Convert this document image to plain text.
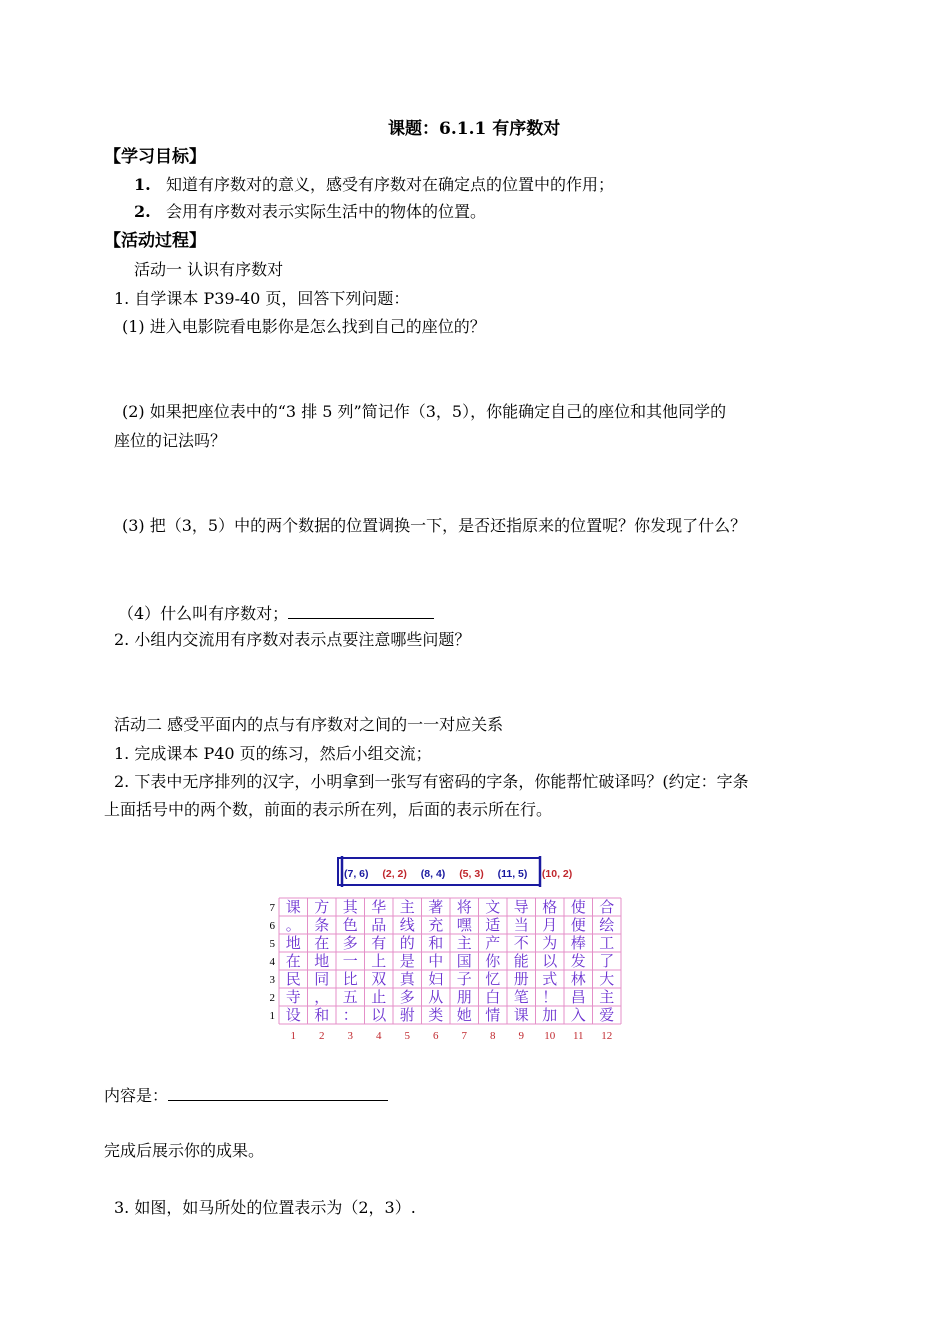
课题：6.1.1 有序数对
【学习目标】
1. 知道有序数对的意义，感受有序数对在确定点的位置中的作用；
2. 会用有序数对表示实际生活中的物体的位置。
【活动过程】
活动一 认识有序数对
1. 自学课本 P39-40 页，回答下列问题：
(1) 进入电影院看电影你是怎么找到自己的座位的？
(2) 如果把座位表中的“3 排 5 列”简记作（3，5），你能确定自己的座位和其他同学的
座位的记法吗？
(3) 把（3，5）中的两个数据的位置调换一下，是否还指原来的位置呢？你发现了什么？
（4）什么叫有序数对；
2. 小组内交流用有序数对表示点要注意哪些问题？
活动二 感受平面内的点与有序数对之间的一一对应关系
1. 完成课本 P40 页的练习，然后小组交流；
2. 下表中无序排列的汉字，小明拿到一张写有密码的字条，你能帮忙破译吗？(约定：字条
上面括号中的两个数，前面的表示所在列，后面的表示所在行。
(7, 6) (2, 2) (8, 4) (5, 3) (11, 5) (10, 2)
课 方 其 华 主 著 将 文 导 格 使 合
。 条 色 品 线 充 嘿 适 当 月 便 绘
地 在 多 有 的 和 主 产 不 为 棒 工
在 地 一 上 是 中 国 你 能 以 发 了
民 同 比 双 真 妇 子 忆 册 式 林 大
寺 ， 五 止 多 从 朋 白 笔 ！ 昌 主
设 和 ： 以 驸 类 她 情 课 加 入 爱
7
6
5
4
3
2
1
1 2 3 4 5 6 7 8 9 10 11 12
内容是：
完成后展示你的成果。
3. 如图，如马所处的位置表示为（2，3）.
